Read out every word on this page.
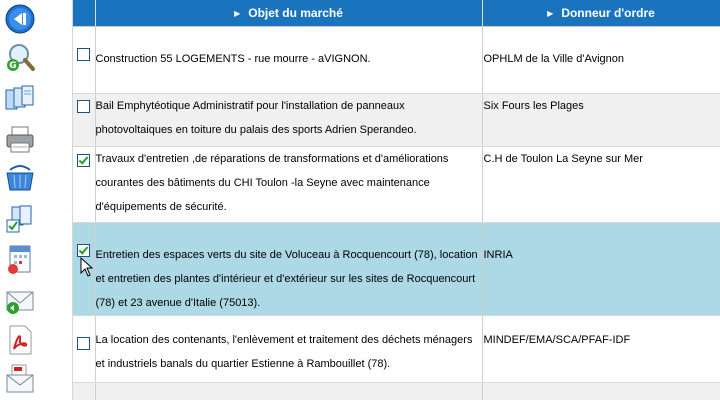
G
	▶ Objet du marché	▶ Donneur d'ordre
	Construction 55 LOGEMENTS - rue mourre - aVIGNON.	OPHLM de la Ville d'Avignon
	Bail Emphytéotique Administratif pour l'installation de panneaux photovoltaiques en toiture du palais des sports Adrien Sperandeo.	Six Fours les Plages
	Travaux d'entretien ,de réparations de transformations et d'améliorations courantes des bâtiments du CHI Toulon -la Seyne avec maintenance d'équipements de sécurité.	C.H de Toulon La Seyne sur Mer
	Entretien des espaces verts du site de Voluceau à Rocquencourt (78), location et entretien des plantes d'intérieur et d'extérieur sur les sites de Rocquencourt (78) et 23 avenue d'Italie (75013).	INRIA
	La location des contenants, l'enlèvement et traitement des déchets ménagers et industriels banals du quartier Estienne à Rambouillet (78).	MINDEF/EMA/SCA/PFAF-IDF
